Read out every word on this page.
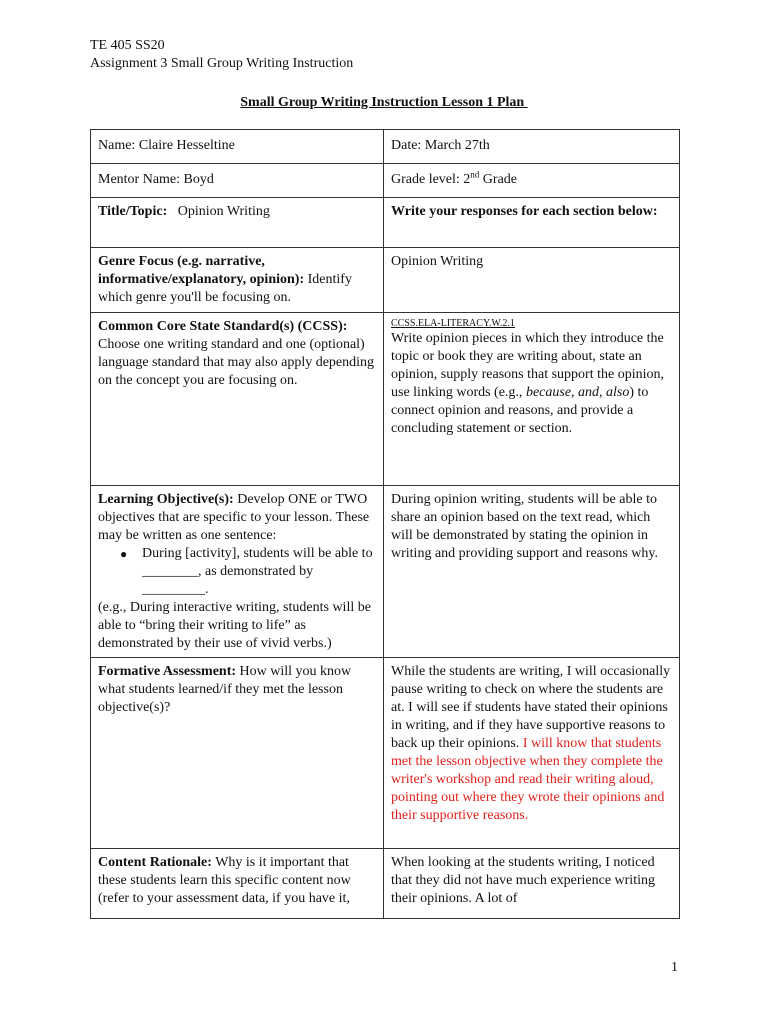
TE 405 SS20
Assignment 3 Small Group Writing Instruction
Small Group Writing Instruction Lesson 1 Plan
Name: Claire Hesseltine	Date: March 27th
Mentor Name: Boyd	Grade level: 2nd Grade
Title/Topic: Opinion Writing	Write your responses for each section below:
Genre Focus (e.g. narrative, informative/explanatory, opinion): Identify which genre you'll be focusing on.	Opinion Writing
Common Core State Standard(s) (CCSS): Choose one writing standard and one (optional) language standard that may also apply depending on the concept you are focusing on.	CCSS.ELA-LITERACY.W.2.1
Write opinion pieces in which they introduce the topic or book they are writing about, state an opinion, supply reasons that support the opinion, use linking words (e.g., because, and, also) to connect opinion and reasons, and provide a concluding statement or section.
Learning Objective(s): Develop ONE or TWO objectives that are specific to your lesson. These may be written as one sentence:
● During [activity], students will be able to ________, as demonstrated by _________.
(e.g., During interactive writing, students will be able to “bring their writing to life” as demonstrated by their use of vivid verbs.)	During opinion writing, students will be able to share an opinion based on the text read, which will be demonstrated by stating the opinion in writing and providing support and reasons why.
Formative Assessment: How will you know what students learned/if they met the lesson objective(s)?	While the students are writing, I will occasionally pause writing to check on where the students are at. I will see if students have stated their opinions in writing, and if they have supportive reasons to back up their opinions. I will know that students met the lesson objective when they complete the writer's workshop and read their writing aloud, pointing out where they wrote their opinions and their supportive reasons.
Content Rationale: Why is it important that these students learn this specific content now (refer to your assessment data, if you have it,	When looking at the students writing, I noticed that they did not have much experience writing their opinions. A lot of
1
